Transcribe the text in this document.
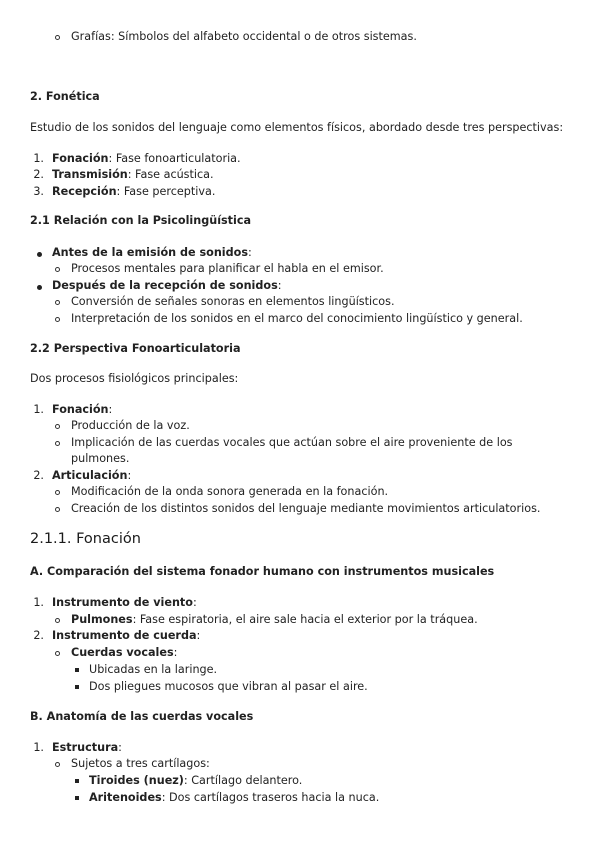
Grafías: Símbolos del alfabeto occidental o de otros sistemas.
2. Fonética
Estudio de los sonidos del lenguaje como elementos físicos, abordado desde tres perspectivas:
1. Fonación: Fase fonoarticulatoria.
2. Transmisión: Fase acústica.
3. Recepción: Fase perceptiva.
2.1 Relación con la Psicolingüística
Antes de la emisión de sonidos:
Procesos mentales para planificar el habla en el emisor.
Después de la recepción de sonidos:
Conversión de señales sonoras en elementos lingüísticos.
Interpretación de los sonidos en el marco del conocimiento lingüístico y general.
2.2 Perspectiva Fonoarticulatoria
Dos procesos fisiológicos principales:
1. Fonación:
Producción de la voz.
Implicación de las cuerdas vocales que actúan sobre el aire proveniente de los
pulmones.
2. Articulación:
Modificación de la onda sonora generada en la fonación.
Creación de los distintos sonidos del lenguaje mediante movimientos articulatorios.
2.1.1. Fonación
A. Comparación del sistema fonador humano con instrumentos musicales
1. Instrumento de viento:
Pulmones: Fase espiratoria, el aire sale hacia el exterior por la tráquea.
2. Instrumento de cuerda:
Cuerdas vocales:
Ubicadas en la laringe.
Dos pliegues mucosos que vibran al pasar el aire.
B. Anatomía de las cuerdas vocales
1. Estructura:
Sujetos a tres cartílagos:
Tiroides (nuez): Cartílago delantero.
Aritenoides: Dos cartílagos traseros hacia la nuca.
